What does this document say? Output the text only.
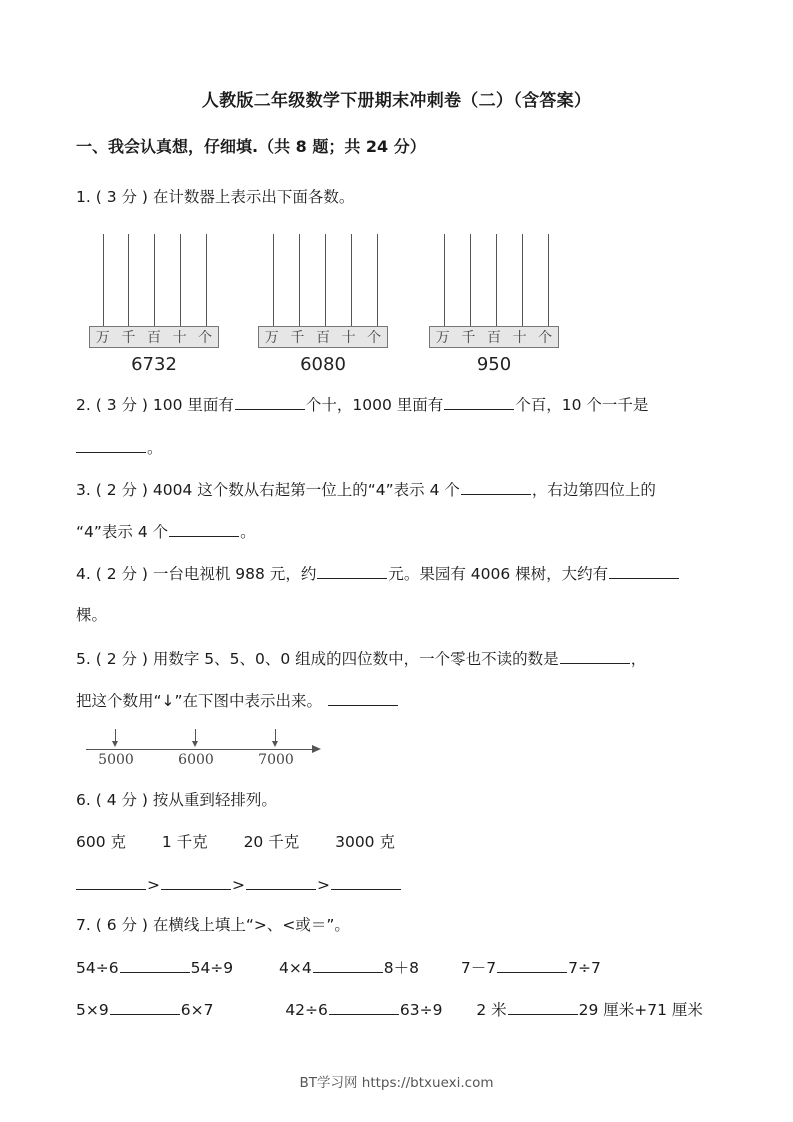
人教版二年级数学下册期末冲刺卷（二）（含答案）
一、我会认真想，仔细填.（共 8 题；共 24 分）
1. ( 3 分 ) 在计数器上表示出下面各数。
万 千 百 十 个
6732
万 千 百 十 个
6080
万 千 百 十 个
950
2. ( 3 分 ) 100 里面有	个十，1000 里面有	个百，10 个一千是
。
3. ( 2 分 ) 4004 这个数从右起第一位上的“4”表示 4 个	，右边第四位上的
“4”表示 4 个	。
4. ( 2 分 ) 一台电视机 988 元，约	元。果园有 4006 棵树，大约有
棵。
5. ( 2 分 ) 用数字 5、5、0、0 组成的四位数中，一个零也不读的数是	，
把这个数用“↓”在下图中表示出来。
5000	6000	7000
6. ( 4 分 ) 按从重到轻排列。
600 克 1 千克 20 千克 3000 克
>	>	>
7. ( 6 分 ) 在横线上填上“>、<或＝”。
54÷6	54÷9	4×4	8＋8	7－7	7÷7
5×9	6×7	42÷6	63÷9 2 米	29 厘米+71 厘米
BT学习网 https://btxuexi.com
